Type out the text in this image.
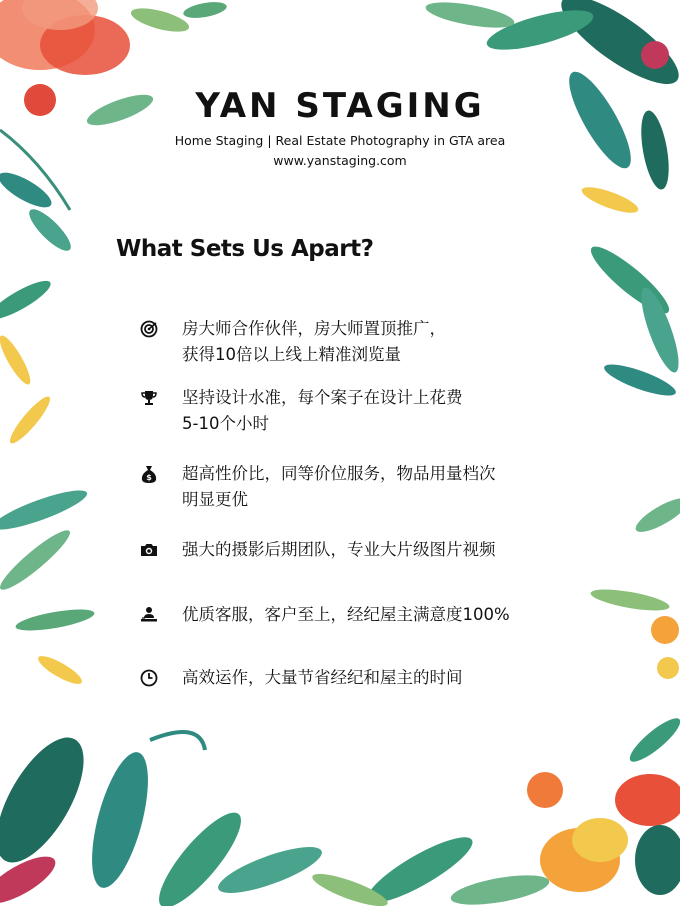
YAN STAGING
Home Staging | Real Estate Photography in GTA area
www.yanstaging.com
What Sets Us Apart?
房大师合作伙伴，房大师置顶推广，
获得10倍以上线上精准浏览量
坚持设计水准，每个案子在设计上花费
5-10个小时
$ 超高性价比，同等价位服务，物品用量档次
明显更优
强大的摄影后期团队，专业大片级图片视频
优质客服，客户至上，经纪屋主满意度100%
高效运作，大量节省经纪和屋主的时间
